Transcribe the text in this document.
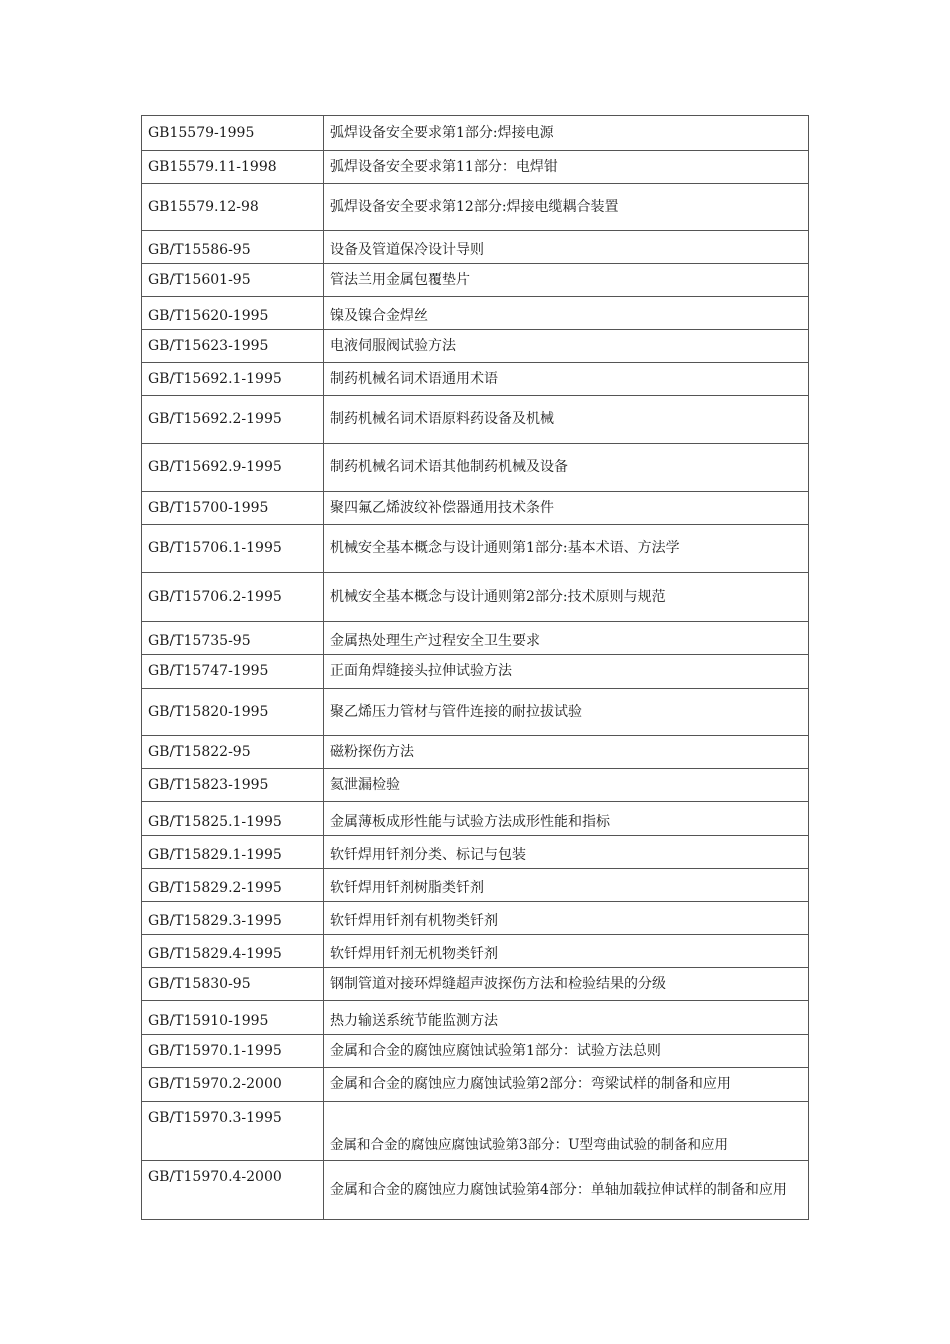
GB15579-1995	弧焊设备安全要求第1部分:焊接电源
GB15579.11-1998	弧焊设备安全要求第11部分：电焊钳
GB15579.12-98	弧焊设备安全要求第12部分:焊接电缆耦合装置
GB/T15586-95	设备及管道保冷设计导则
GB/T15601-95	管法兰用金属包覆垫片
GB/T15620-1995	镍及镍合金焊丝
GB/T15623-1995	电液伺服阀试验方法
GB/T15692.1-1995	制药机械名词术语通用术语
GB/T15692.2-1995	制药机械名词术语原料药设备及机械
GB/T15692.9-1995	制药机械名词术语其他制药机械及设备
GB/T15700-1995	聚四氟乙烯波纹补偿器通用技术条件
GB/T15706.1-1995	机械安全基本概念与设计通则第1部分:基本术语、方法学
GB/T15706.2-1995	机械安全基本概念与设计通则第2部分:技术原则与规范
GB/T15735-95	金属热处理生产过程安全卫生要求
GB/T15747-1995	正面角焊缝接头拉伸试验方法
GB/T15820-1995	聚乙烯压力管材与管件连接的耐拉拔试验
GB/T15822-95	磁粉探伤方法
GB/T15823-1995	氦泄漏检验
GB/T15825.1-1995	金属薄板成形性能与试验方法成形性能和指标
GB/T15829.1-1995	软钎焊用钎剂分类、标记与包装
GB/T15829.2-1995	软钎焊用钎剂树脂类钎剂
GB/T15829.3-1995	软钎焊用钎剂有机物类钎剂
GB/T15829.4-1995	软钎焊用钎剂无机物类钎剂
GB/T15830-95	钢制管道对接环焊缝超声波探伤方法和检验结果的分级
GB/T15910-1995	热力输送系统节能监测方法
GB/T15970.1-1995	金属和合金的腐蚀应腐蚀试验第1部分：试验方法总则
GB/T15970.2-2000	金属和合金的腐蚀应力腐蚀试验第2部分：弯梁试样的制备和应用
GB/T15970.3-1995	金属和合金的腐蚀应腐蚀试验第3部分：U型弯曲试验的制备和应用
GB/T15970.4-2000	金属和合金的腐蚀应力腐蚀试验第4部分：单轴加载拉伸试样的制备和应用
